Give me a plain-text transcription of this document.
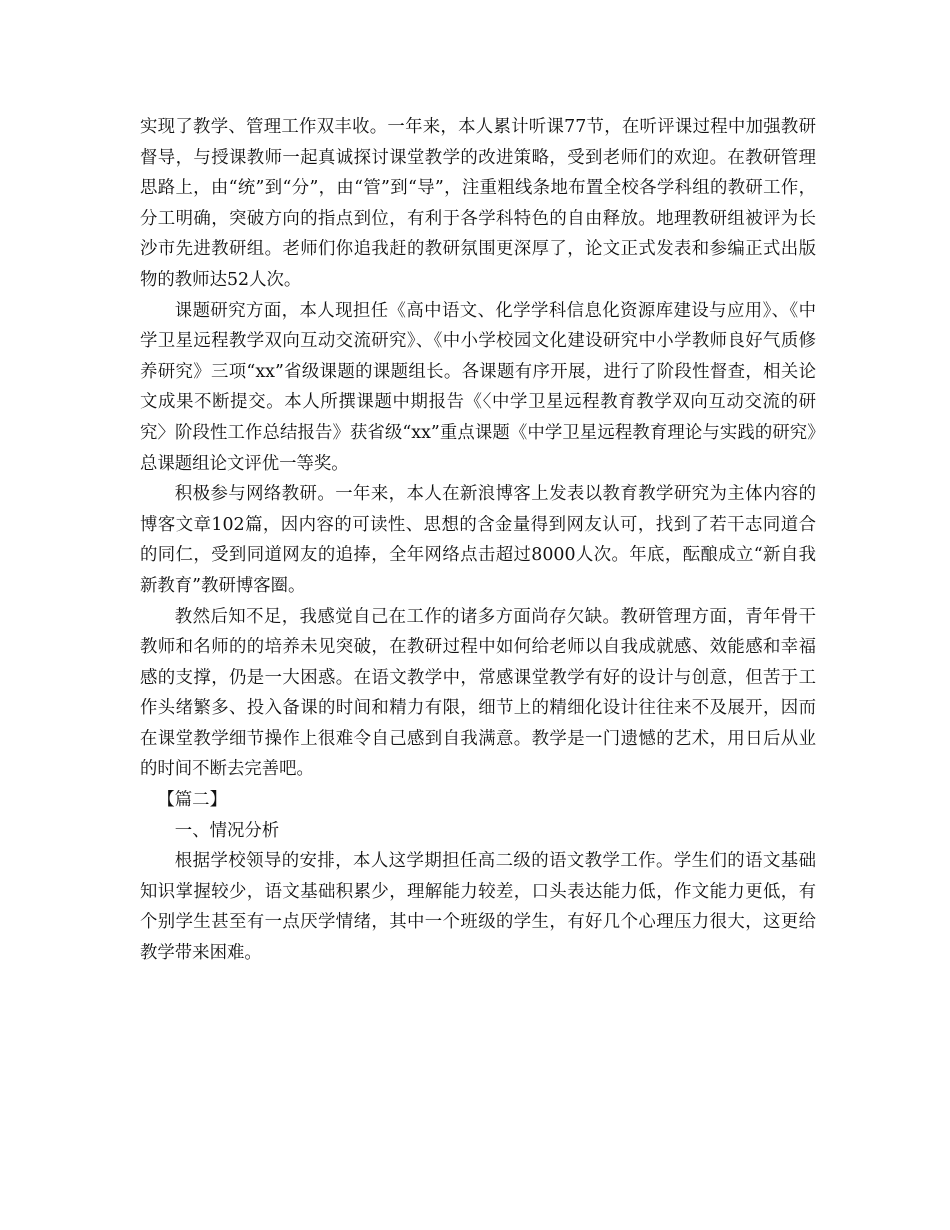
实现了教学、管理工作双丰收。一年来，本人累计听课77节，在听评课过程中加强教研督导，与授课教师一起真诚探讨课堂教学的改进策略，受到老师们的欢迎。在教研管理思路上，由“统”到“分”，由“管”到“导”，注重粗线条地布置全校各学科组的教研工作，分工明确，突破方向的指点到位，有利于各学科特色的自由释放。地理教研组被评为长沙市先进教研组。老师们你追我赶的教研氛围更深厚了，论文正式发表和参编正式出版物的教师达52人次。

课题研究方面，本人现担任《高中语文、化学学科信息化资源库建设与应用》、《中学卫星远程教学双向互动交流研究》、《中小学校园文化建设研究中小学教师良好气质修养研究》三项“xx”省级课题的课题组长。各课题有序开展，进行了阶段性督查，相关论文成果不断提交。本人所撰课题中期报告《〈中学卫星远程教育教学双向互动交流的研究〉阶段性工作总结报告》获省级“xx”重点课题《中学卫星远程教育理论与实践的研究》总课题组论文评优一等奖。

积极参与网络教研。一年来，本人在新浪博客上发表以教育教学研究为主体内容的博客文章102篇，因内容的可读性、思想的含金量得到网友认可，找到了若干志同道合的同仁，受到同道网友的追捧，全年网络点击超过8000人次。年底，酝酿成立“新自我新教育”教研博客圈。

教然后知不足，我感觉自己在工作的诸多方面尚存欠缺。教研管理方面，青年骨干教师和名师的的培养未见突破，在教研过程中如何给老师以自我成就感、效能感和幸福感的支撑，仍是一大困惑。在语文教学中，常感课堂教学有好的设计与创意，但苦于工作头绪繁多、投入备课的时间和精力有限，细节上的精细化设计往往来不及展开，因而在课堂教学细节操作上很难令自己感到自我满意。教学是一门遗憾的艺术，用日后从业的时间不断去完善吧。

【篇二】

一、情况分析

根据学校领导的安排，本人这学期担任高二级的语文教学工作。学生们的语文基础知识掌握较少，语文基础积累少，理解能力较差，口头表达能力低，作文能力更低，有个别学生甚至有一点厌学情绪，其中一个班级的学生，有好几个心理压力很大，这更给教学带来困难。
